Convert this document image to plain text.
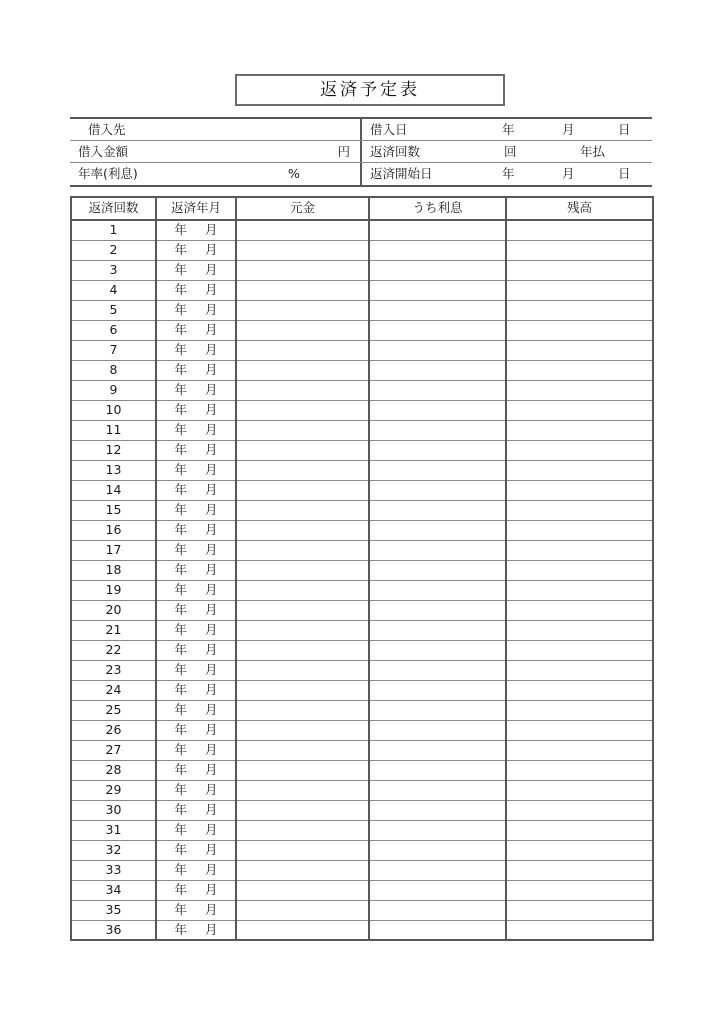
返済予定表
借入先	借入日	年	月	日
借入金額	円 返済回数	回	年払
年率(利息)	%	返済開始日	年	月	日
返済回数	返済年月	元金	うち利息	残高
1	年 月			

2	年 月			

3	年 月			

4	年 月			

5	年 月			

6	年 月			

7	年 月			

8	年 月			

9	年 月			

10	年 月			

11	年 月			

12	年 月			

13	年 月			

14	年 月			

15	年 月			

16	年 月			

17	年 月			

18	年 月			

19	年 月			

20	年 月			

21	年 月			

22	年 月			

23	年 月			

24	年 月			

25	年 月			

26	年 月			

27	年 月			

28	年 月			

29	年 月			

30	年 月			

31	年 月			

32	年 月			

33	年 月			

34	年 月			

35	年 月			

36	年 月			
